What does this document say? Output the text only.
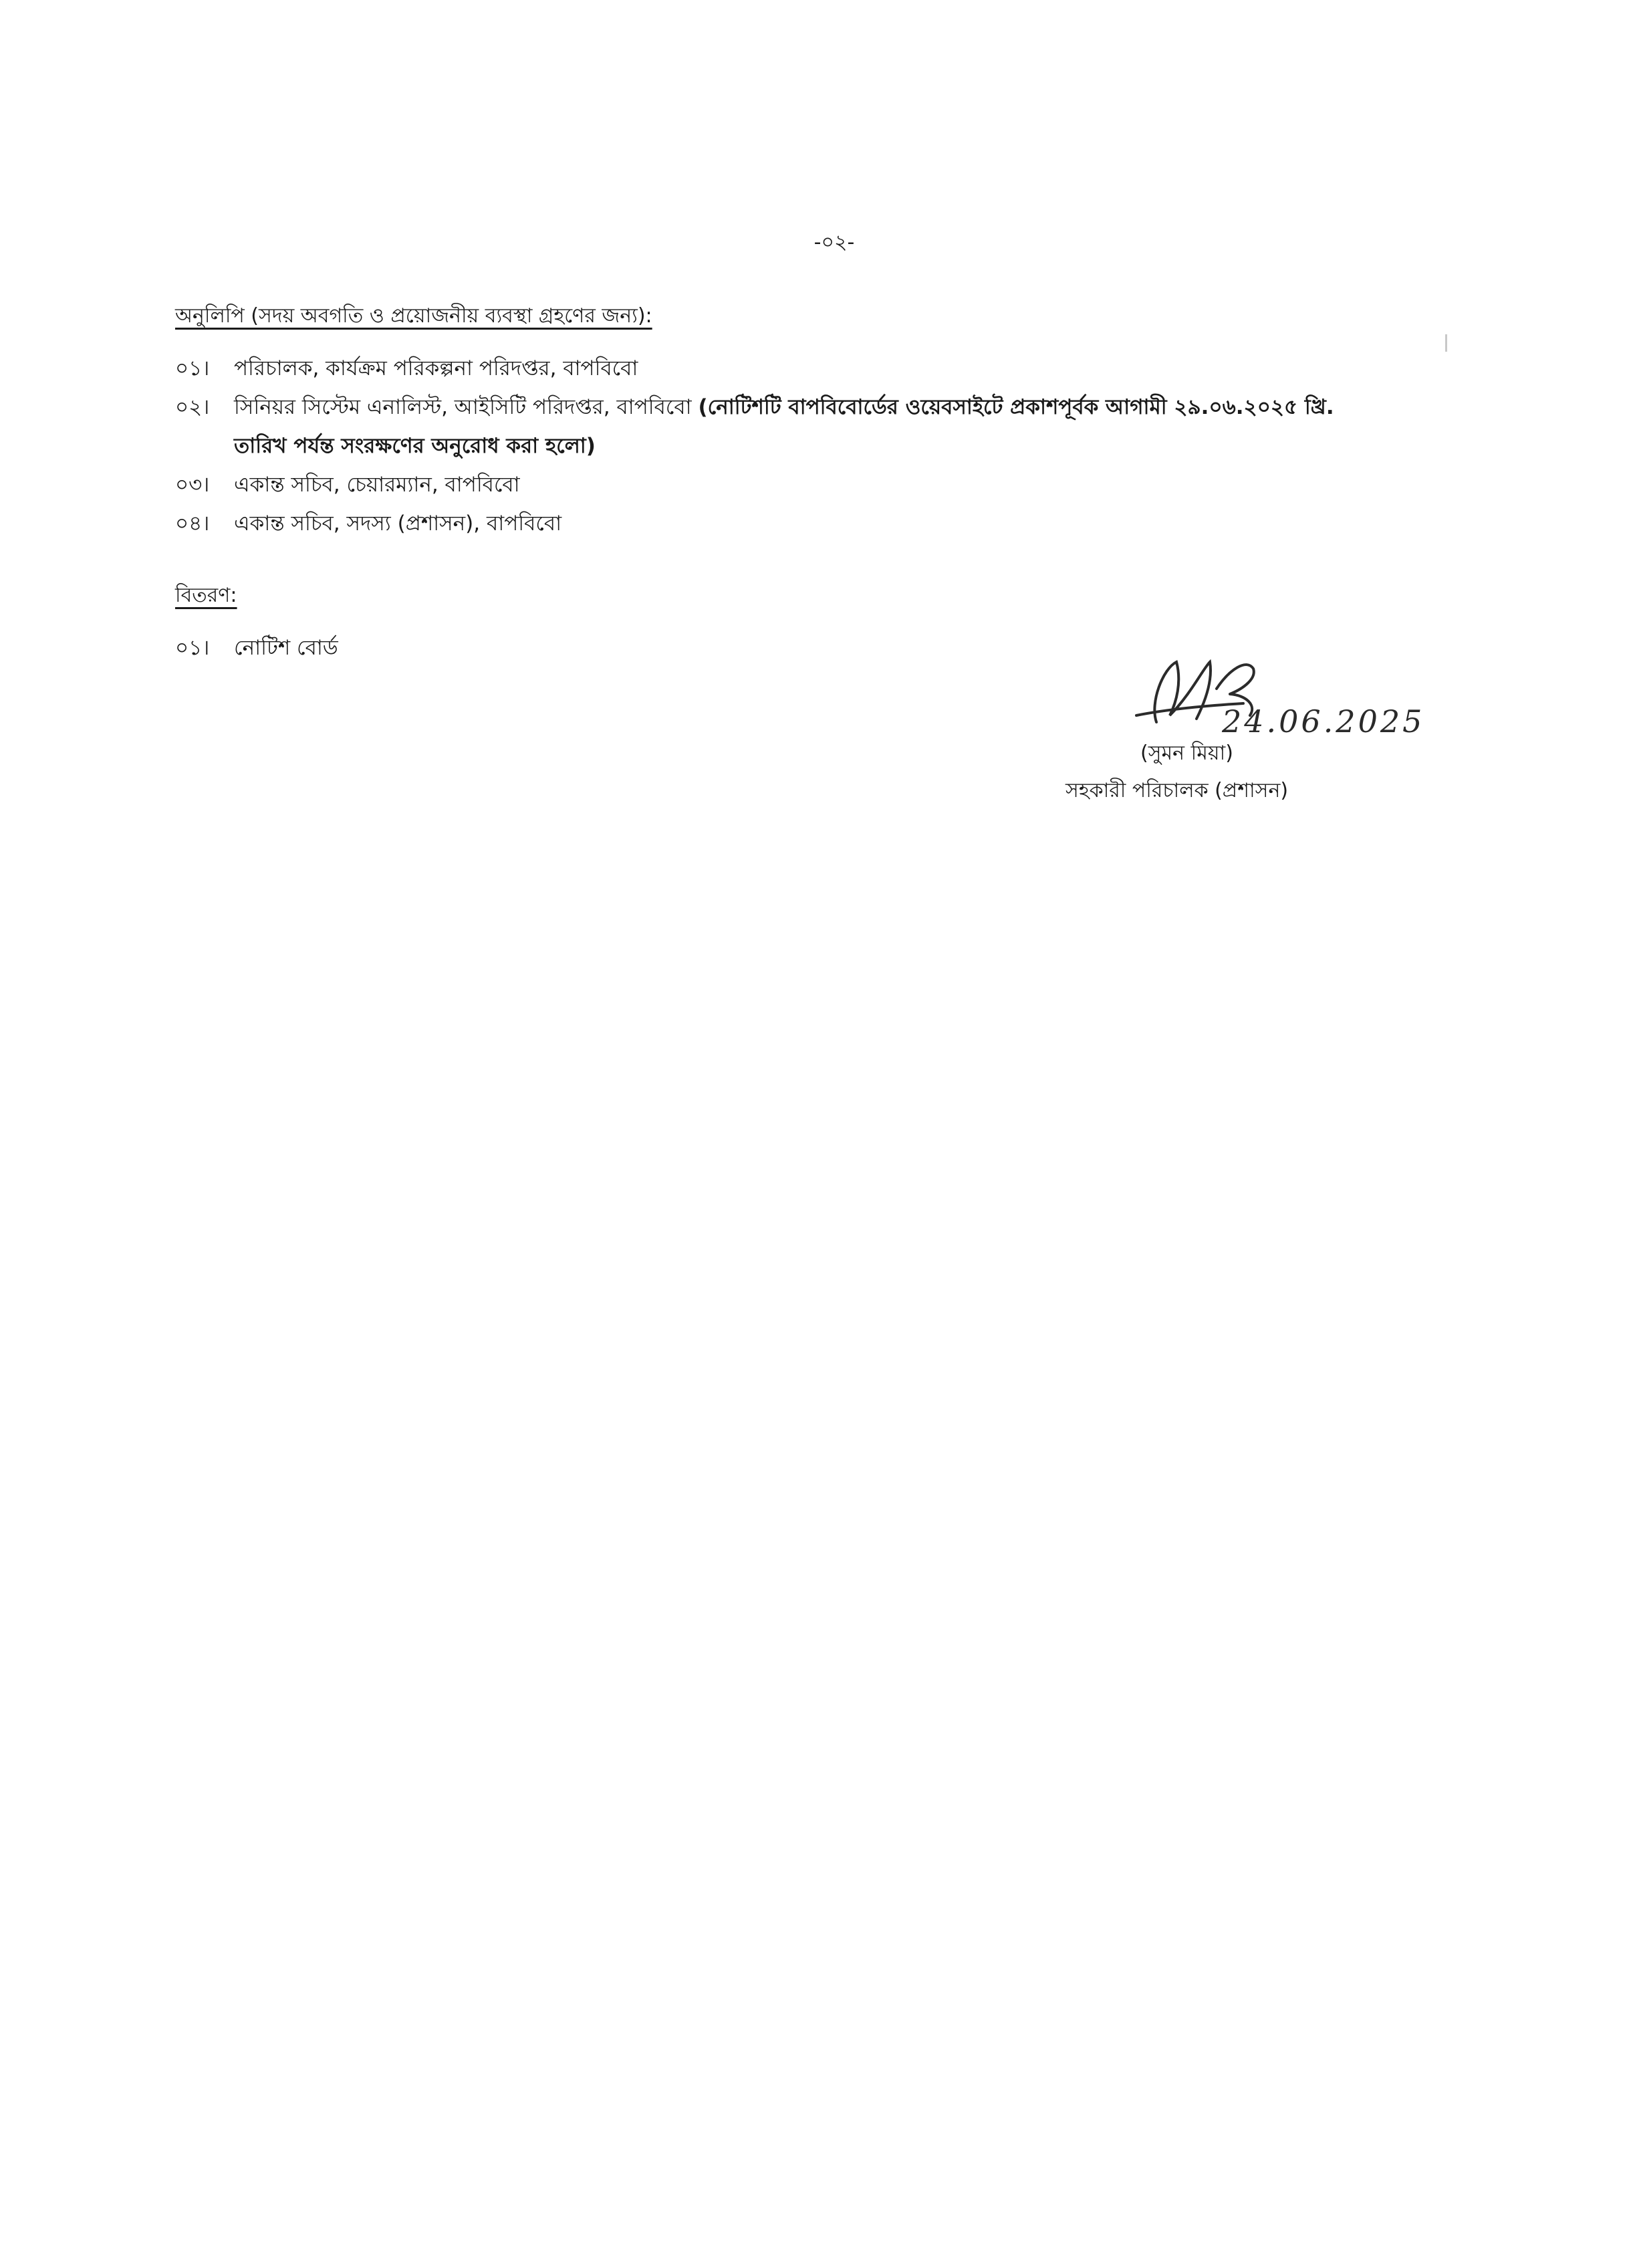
-০২-
অনুলিপি (সদয় অবগতি ও প্রয়োজনীয় ব্যবস্থা গ্রহণের জন্য):
০১। পরিচালক, কার্যক্রম পরিকল্পনা পরিদপ্তর, বাপবিবো
০২। সিনিয়র সিস্টেম এনালিস্ট, আইসিটি পরিদপ্তর, বাপবিবো (নোটিশটি বাপবিবোর্ডের ওয়েবসাইটে প্রকাশপূর্বক আগামী ২৯.০৬.২০২৫ খ্রি. তারিখ পর্যন্ত সংরক্ষণের অনুরোধ করা হলো)
০৩। একান্ত সচিব, চেয়ারম্যান, বাপবিবো
০৪। একান্ত সচিব, সদস্য (প্রশাসন), বাপবিবো
বিতরণ:
০১। নোটিশ বোর্ড
24.06.2025
(সুমন মিয়া)
সহকারী পরিচালক (প্রশাসন)
